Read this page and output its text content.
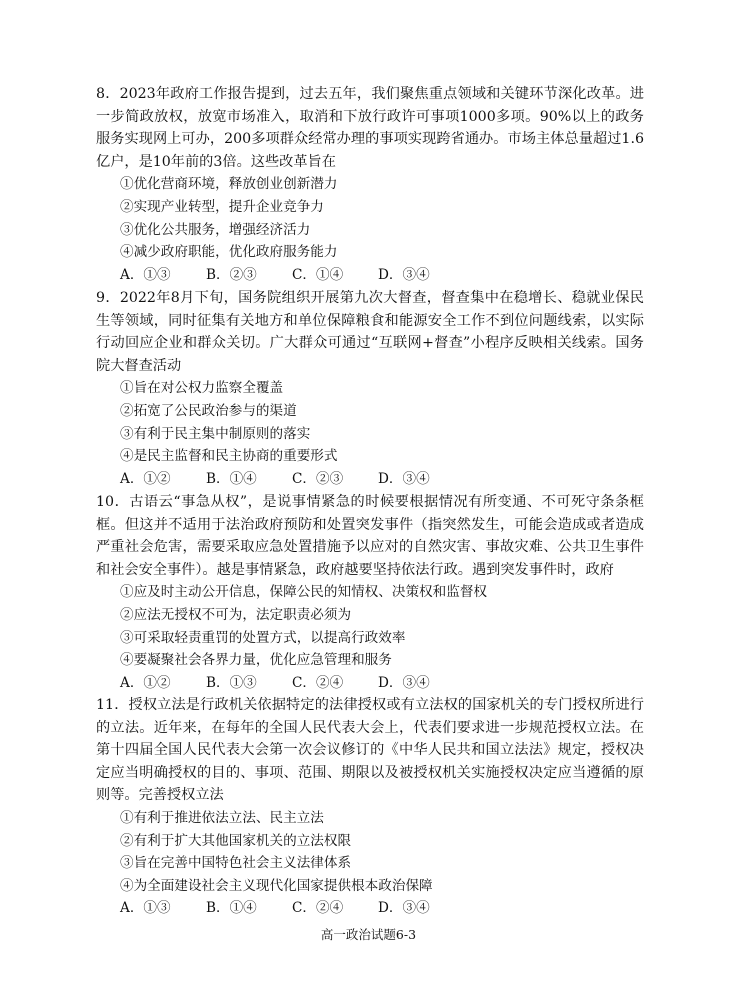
8．2023年政府工作报告提到，过去五年，我们聚焦重点领域和关键环节深化改革。进一步简政放权，放宽市场准入，取消和下放行政许可事项1000多项。90%以上的政务服务实现网上可办，200多项群众经常办理的事项实现跨省通办。市场主体总量超过1.6亿户，是10年前的3倍。这些改革旨在

①优化营商环境，释放创业创新潜力
②实现产业转型，提升企业竞争力
③优化公共服务，增强经济活力
④减少政府职能，优化政府服务能力
A．①③	B．②③	C．①④	D．③④

9．2022年8月下旬，国务院组织开展第九次大督查，督查集中在稳增长、稳就业保民生等领域，同时征集有关地方和单位保障粮食和能源安全工作不到位问题线索，以实际行动回应企业和群众关切。广大群众可通过“互联网+督查”小程序反映相关线索。国务院大督查活动

①旨在对公权力监察全覆盖
②拓宽了公民政治参与的渠道
③有利于民主集中制原则的落实
④是民主监督和民主协商的重要形式
A．①②	B．①④	C．②③	D．③④

10．古语云“事急从权”，是说事情紧急的时候要根据情况有所变通、不可死守条条框框。但这并不适用于法治政府预防和处置突发事件（指突然发生，可能会造成或者造成严重社会危害，需要采取应急处置措施予以应对的自然灾害、事故灾难、公共卫生事件和社会安全事件）。越是事情紧急，政府越要坚持依法行政。遇到突发事件时，政府

①应及时主动公开信息，保障公民的知情权、决策权和监督权
②应法无授权不可为，法定职责必须为
③可采取轻责重罚的处置方式，以提高行政效率
④要凝聚社会各界力量，优化应急管理和服务
A．①②	B．①③	C．②④	D．③④

11．授权立法是行政机关依据特定的法律授权或有立法权的国家机关的专门授权所进行的立法。近年来，在每年的全国人民代表大会上，代表们要求进一步规范授权立法。在第十四届全国人民代表大会第一次会议修订的《中华人民共和国立法法》规定，授权决定应当明确授权的目的、事项、范围、期限以及被授权机关实施授权决定应当遵循的原则等。完善授权立法

①有利于推进依法立法、民主立法
②有利于扩大其他国家机关的立法权限
③旨在完善中国特色社会主义法律体系
④为全面建设社会主义现代化国家提供根本政治保障
A．①③	B．①④	C．②④	D．③④
高一政治试题6-3
